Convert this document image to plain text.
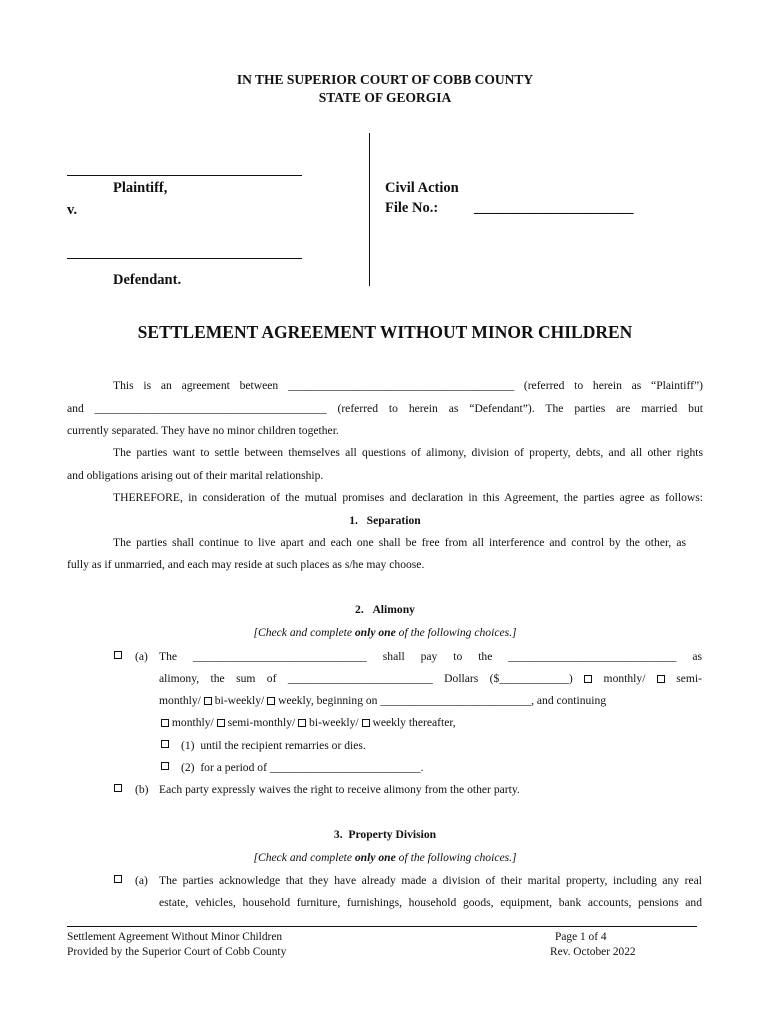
IN THE SUPERIOR COURT OF COBB COUNTY
STATE OF GEORGIA
Plaintiff,
v.
Defendant.
Civil Action
File No.: ______________________
SETTLEMENT AGREEMENT WITHOUT MINOR CHILDREN
This is an agreement between _______________________________________ (referred to herein as “Plaintiff”)
and ________________________________________ (referred to herein as “Defendant”). The parties are married but
currently separated. They have no minor children together.
The parties want to settle between themselves all questions of alimony, division of property, debts, and all other rights
and obligations arising out of their marital relationship.
THEREFORE, in consideration of the mutual promises and declaration in this Agreement, the parties agree as follows:
1.   Separation
The parties shall continue to live apart and each one shall be free from all interference and control by the other, as
fully as if unmarried, and each may reside at such places as s/he may choose.
2.   Alimony
[Check and complete only one of the following choices.]
(a) The ______________________________ shall pay to the _____________________________ as
alimony, the sum of _________________________ Dollars ($____________)	monthly/	semi-
monthly/ bi-weekly/ weekly, beginning on __________________________, and continuing
monthly/ semi-monthly/ bi-weekly/ weekly thereafter,
(1)  until the recipient remarries or dies.
(2)  for a period of __________________________.
(b) Each party expressly waives the right to receive alimony from the other party.
3.  Property Division
[Check and complete only one of the following choices.]
(a) The parties acknowledge that they have already made a division of their marital property, including any real
estate, vehicles, household furniture, furnishings, household goods, equipment, bank accounts, pensions and
Settlement Agreement Without Minor Children
Provided by the Superior Court of Cobb County
Page 1 of 4
Rev. October 2022
